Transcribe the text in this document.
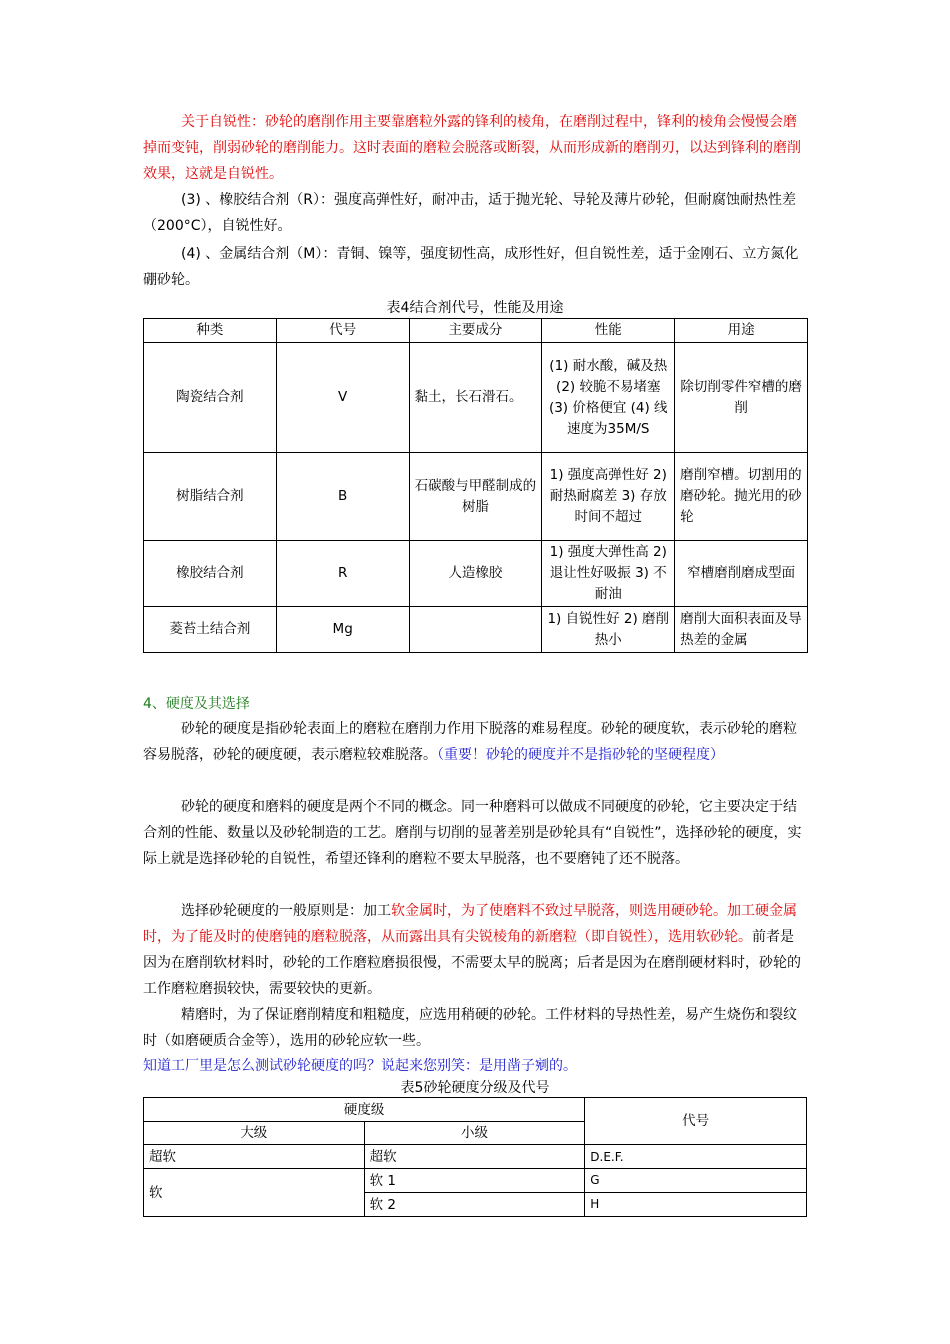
关于自锐性：砂轮的磨削作用主要靠磨粒外露的锋利的棱角，在磨削过程中，锋利的棱角会慢慢会磨掉而变钝，削弱砂轮的磨削能力。这时表面的磨粒会脱落或断裂，从而形成新的磨削刃，以达到锋利的磨削效果，这就是自锐性。

(3) 、橡胶结合剂（R）：强度高弹性好，耐冲击，适于抛光轮、导轮及薄片砂轮，但耐腐蚀耐热性差（200°C），自锐性好。

(4) 、金属结合剂（M）：青铜、镍等，强度韧性高，成形性好，但自锐性差，适于金刚石、立方氮化硼砂轮。

表4结合剂代号，性能及用途
种类	代号	主要成分	性能	用途
陶瓷结合剂	V	黏土，长石滑石。	(1) 耐水酸，碱及热 (2) 较脆不易堵塞 (3) 价格便宜 (4) 线速度为35M/S	除切削零件窄槽的磨削
树脂结合剂	B	石碳酸与甲醛制成的树脂	1) 强度高弹性好 2) 耐热耐腐差 3) 存放时间不超过	磨削窄槽。切割用的磨砂轮。抛光用的砂轮
橡胶结合剂	R	人造橡胶	1) 强度大弹性高 2) 退让性好吸振 3) 不耐油	窄槽磨削磨成型面
菱苔土结合剂	Mg		1) 自锐性好 2) 磨削热小	磨削大面积表面及导热差的金属

4、硬度及其选择

砂轮的硬度是指砂轮表面上的磨粒在磨削力作用下脱落的难易程度。砂轮的硬度软，表示砂轮的磨粒容易脱落，砂轮的硬度硬，表示磨粒较难脱落。（重要！砂轮的硬度并不是指砂轮的坚硬程度）

砂轮的硬度和磨料的硬度是两个不同的概念。同一种磨料可以做成不同硬度的砂轮，它主要决定于结合剂的性能、数量以及砂轮制造的工艺。磨削与切削的显著差别是砂轮具有“自锐性”，选择砂轮的硬度，实际上就是选择砂轮的自锐性，希望还锋利的磨粒不要太早脱落，也不要磨钝了还不脱落。

选择砂轮硬度的一般原则是：加工软金属时，为了使磨料不致过早脱落，则选用硬砂轮。加工硬金属时，为了能及时的使磨钝的磨粒脱落，从而露出具有尖锐棱角的新磨粒（即自锐性），选用软砂轮。前者是因为在磨削软材料时，砂轮的工作磨粒磨损很慢，不需要太早的脱离；后者是因为在磨削硬材料时，砂轮的工作磨粒磨损较快，需要较快的更新。

精磨时，为了保证磨削精度和粗糙度，应选用稍硬的砂轮。工件材料的导热性差，易产生烧伤和裂纹时（如磨硬质合金等），选用的砂轮应软一些。

知道工厂里是怎么测试砂轮硬度的吗？说起来您别笑：是用凿子剜的。

表5砂轮硬度分级及代号
硬度级		代号
大级	小级	
超软	超软	D.E.F.
软	软 1	G
	软 2	H
